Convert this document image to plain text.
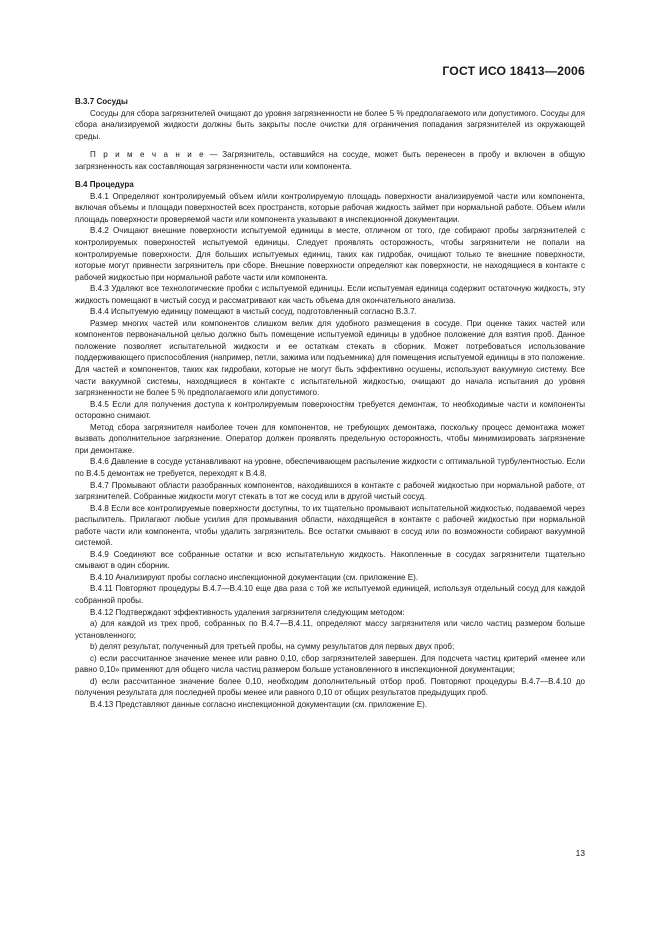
ГОСТ ИСО 18413—2006

В.3.7 Сосуды

Сосуды для сбора загрязнителей очищают до уровня загрязненности не более 5 % предполагаемого или допустимого. Сосуды для сбора анализируемой жидкости должны быть закрыты после очистки для ограничения попадания загрязнителей из окружающей среды.

П р и м е ч а н и е — Загрязнитель, оставшийся на сосуде, может быть перенесен в пробу и включен в общую загрязненность как составляющая загрязненности части или компонента.

В.4 Процедура

В.4.1 Определяют контролируемый объем и/или контролируемую площадь поверхности анализируемой части или компонента, включая объемы и площади поверхностей всех пространств, которые рабочая жидкость займет при нормальной работе. Объем и/или площадь поверхности проверяемой части или компонента указывают в инспекционной документации.

В.4.2 Очищают внешние поверхности испытуемой единицы в месте, отличном от того, где собирают пробы загрязнителей с контролируемых поверхностей испытуемой единицы. Следует проявлять осторожность, чтобы загрязнители не попали на контролируемые поверхности. Для больших испытуемых единиц, таких как гидробак, очищают только те внешние поверхности, которые могут привнести загрязнитель при сборе. Внешние поверхности определяют как поверхности, не находящиеся в контакте с рабочей жидкостью при нормальной работе части или компонента.

В.4.3 Удаляют все технологические пробки с испытуемой единицы. Если испытуемая единица содержит остаточную жидкость, эту жидкость помещают в чистый сосуд и рассматривают как часть объема для окончательного анализа.

В.4.4 Испытуемую единицу помещают в чистый сосуд, подготовленный согласно В.3.7.

Размер многих частей или компонентов слишком велик для удобного размещения в сосуде. При оценке таких частей или компонентов первоначальной целью должно быть помещение испытуемой единицы в удобное положение для взятия проб. Данное положение позволяет испытательной жидкости и ее остаткам стекать в сборник. Может потребоваться использование поддерживающего приспособления (например, петли, зажима или подъемника) для помещения испытуемой единицы в это положение. Для частей и компонентов, таких как гидробаки, которые не могут быть эффективно осушены, используют вакуумную систему. Все части вакуумной системы, находящиеся в контакте с испытательной жидкостью, очищают до начала испытания до уровня загрязненности не более 5 % предполагаемого или допустимого.

В.4.5 Если для получения доступа к контролируемым поверхностям требуется демонтаж, то необходимые части и компоненты осторожно снимают.

Метод сбора загрязнителя наиболее точен для компонентов, не требующих демонтажа, поскольку процесс демонтажа может вызвать дополнительное загрязнение. Оператор должен проявлять предельную осторожность, чтобы минимизировать загрязнение при демонтаже.

В.4.6 Давление в сосуде устанавливают на уровне, обеспечивающем распыление жидкости с оптимальной турбулентностью. Если по В.4.5 демонтаж не требуется, переходят к В.4.8.

В.4.7 Промывают области разобранных компонентов, находившихся в контакте с рабочей жидкостью при нормальной работе, от загрязнителей. Собранные жидкости могут стекать в тот же сосуд или в другой чистый сосуд.

В.4.8 Если все контролируемые поверхности доступны, то их тщательно промывают испытательной жидкостью, подаваемой через распылитель. Прилагают любые усилия для промывания области, находящейся в контакте с рабочей жидкостью при нормальной работе части или компонента, чтобы удалить загрязнитель. Все остатки смывают в сосуд или по возможности собирают вакуумной системой.

В.4.9 Соединяют все собранные остатки и всю испытательную жидкость. Накопленные в сосудах загрязнители тщательно смывают в один сборник.

В.4.10 Анализируют пробы согласно инспекционной документации (см. приложение Е).

В.4.11 Повторяют процедуры В.4.7—В.4.10 еще два раза с той же испытуемой единицей, используя отдельный сосуд для каждой собранной пробы.

В.4.12 Подтверждают эффективность удаления загрязнителя следующим методом:

а) для каждой из трех проб, собранных по В.4.7—В.4.11, определяют массу загрязнителя или число частиц размером больше установленного;

b) делят результат, полученный для третьей пробы, на сумму результатов для первых двух проб;

c) если рассчитанное значение менее или равно 0,10, сбор загрязнителей завершен. Для подсчета частиц критерий «менее или равно 0,10» применяют для общего числа частиц размером больше установленного в инспекционной документации;

d) если рассчитанное значение более 0,10, необходим дополнительный отбор проб. Повторяют процедуры В.4.7—В.4.10 до получения результата для последней пробы менее или равного 0,10 от общих результатов предыдущих проб.

В.4.13 Представляют данные согласно инспекционной документации (см. приложение Е).

13
